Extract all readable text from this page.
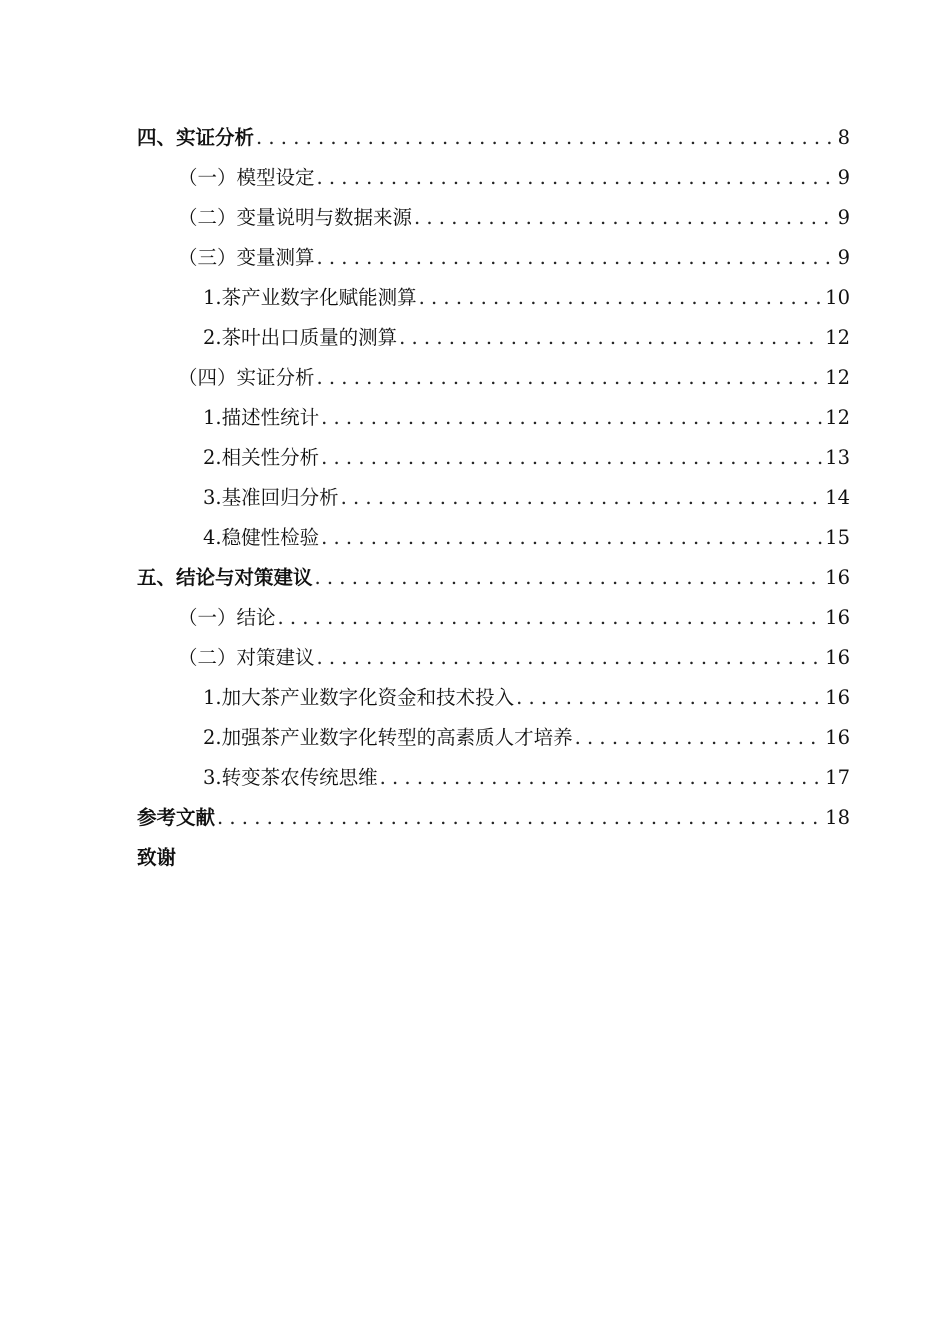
四、实证分析 . . .	8
（一）模型设定 . . .	9
（二）变量说明与数据来源 . . .	9
（三）变量测算 . . .	9
1. 茶产业数字化赋能测算 . . .	10
2. 茶叶出口质量的测算 . . .	12
（四）实证分析 . . .	12
1. 描述性统计 . . .	12
2. 相关性分析 . . .	13
3. 基准回归分析 . . .	14
4. 稳健性检验 . . .	15
五、结论与对策建议 . . .	16
（一）结论 . . .	16
（二）对策建议 . . .	16
1. 加大茶产业数字化资金和技术投入 . . .	16
2. 加强茶产业数字化转型的高素质人才培养 . . .	16
3. 转变茶农传统思维 . . .	17
参考文献 . . .	18
致谢
